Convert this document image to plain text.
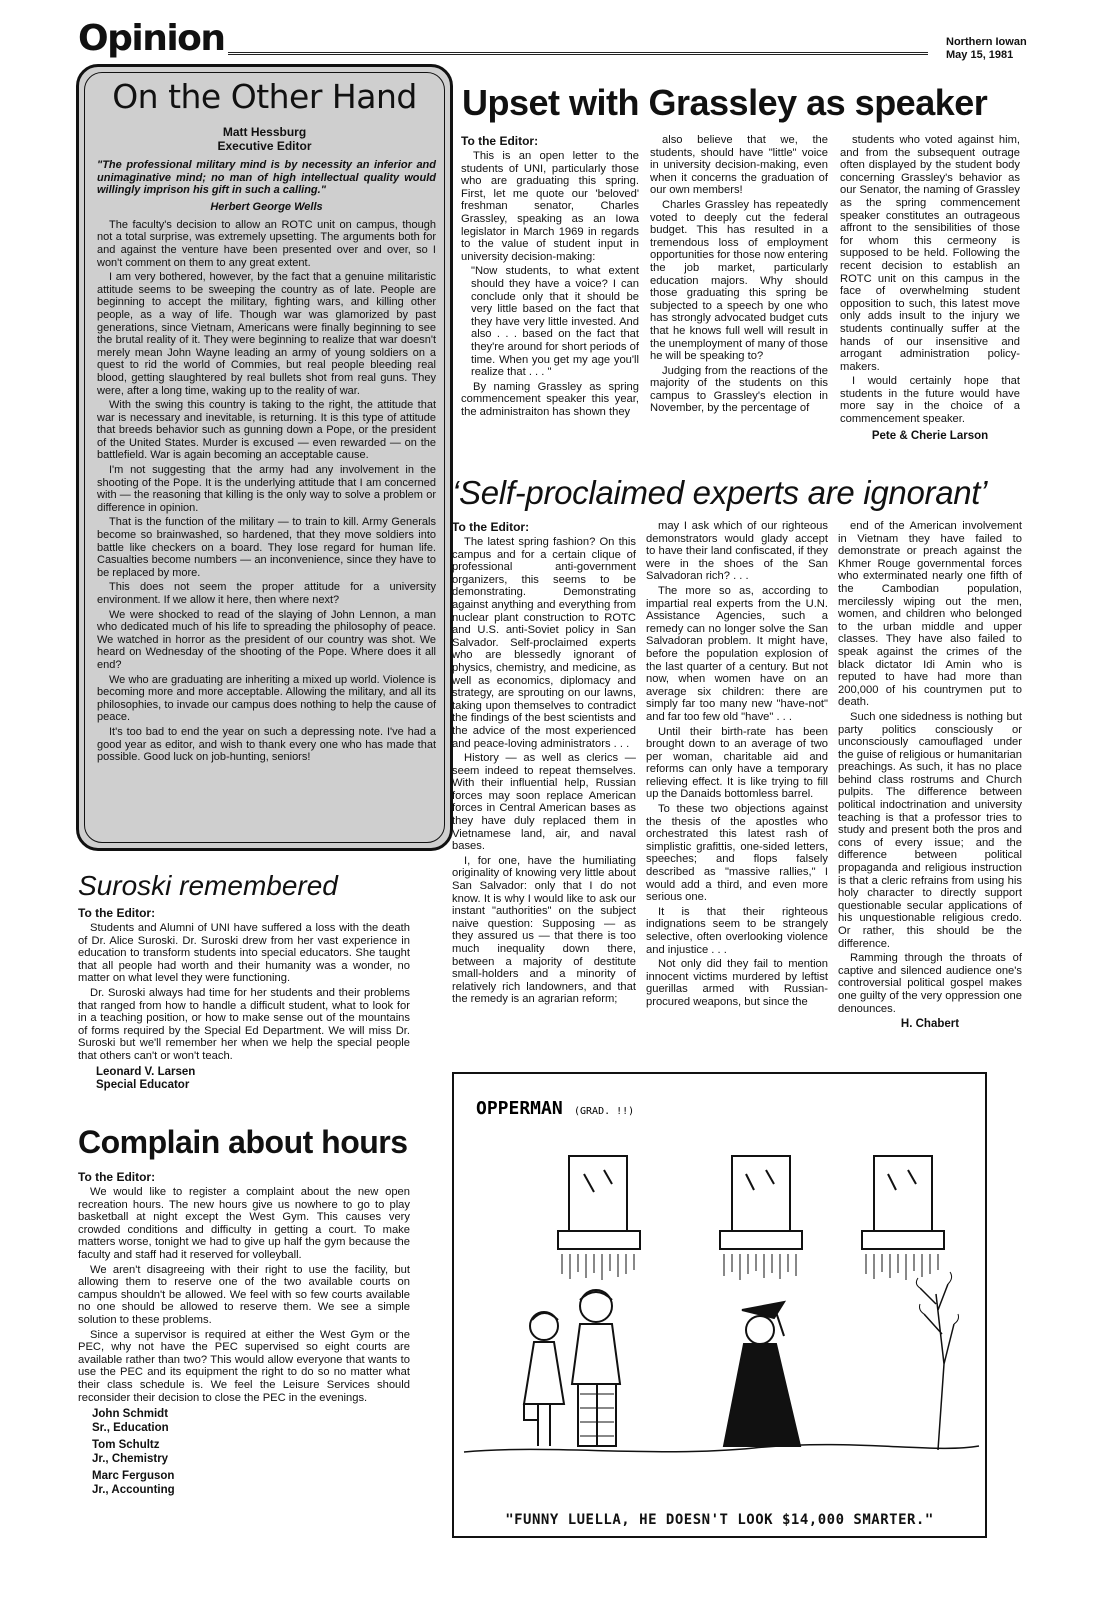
Opinion	Northern Iowan
May 15, 1981
On the Other Hand
Matt Hessburg
Executive Editor

"The professional military mind is by necessity an inferior and unimaginative mind; no man of high intellectual quality would willingly imprison his gift in such a calling."

Herbert George Wells

The faculty's decision to allow an ROTC unit on campus, though not a total surprise, was extremely upsetting. The arguments both for and against the venture have been presented over and over, so I won't comment on them to any great extent.

I am very bothered, however, by the fact that a genuine militaristic attitude seems to be sweeping the country as of late. People are beginning to accept the military, fighting wars, and killing other people, as a way of life. Though war was glamorized by past generations, since Vietnam, Americans were finally beginning to see the brutal reality of it. They were beginning to realize that war doesn't merely mean John Wayne leading an army of young soldiers on a quest to rid the world of Commies, but real people bleeding real blood, getting slaughtered by real bullets shot from real guns. They were, after a long time, waking up to the reality of war.

With the swing this country is taking to the right, the attitude that war is necessary and inevitable, is returning. It is this type of attitude that breeds behavior such as gunning down a Pope, or the president of the United States. Murder is excused — even rewarded — on the battlefield. War is again becoming an acceptable cause.

I'm not suggesting that the army had any involvement in the shooting of the Pope. It is the underlying attitude that I am concerned with — the reasoning that killing is the only way to solve a problem or difference in opinion.

That is the function of the military — to train to kill. Army Generals become so brainwashed, so hardened, that they move soldiers into battle like checkers on a board. They lose regard for human life. Casualties become numbers — an inconvenience, since they have to be replaced by more.

This does not seem the proper attitude for a university environment. If we allow it here, then where next?

We were shocked to read of the slaying of John Lennon, a man who dedicated much of his life to spreading the philosophy of peace. We watched in horror as the president of our country was shot. We heard on Wednesday of the shooting of the Pope. Where does it all end?

We who are graduating are inheriting a mixed up world. Violence is becoming more and more acceptable. Allowing the military, and all its philosophies, to invade our campus does nothing to help the cause of peace.

It's too bad to end the year on such a depressing note. I've had a good year as editor, and wish to thank every one who has made that possible. Good luck on job-hunting, seniors!

Upset with Grassley as speaker
To the Editor:

This is an open letter to the students of UNI, particularly those who are graduating this spring. First, let me quote our 'beloved' freshman senator, Charles Grassley, speaking as an Iowa legislator in March 1969 in regards to the value of student input in university decision-making:

"Now students, to what extent should they have a voice? I can conclude only that it should be very little based on the fact that they have very little invested. And also . . . based on the fact that they're around for short periods of time. When you get my age you'll realize that . . . "

By naming Grassley as spring commencement speaker this year, the administraiton has shown they

also believe that we, the students, should have "little" voice in university decision-making, even when it concerns the graduation of our own members!

Charles Grassley has repeatedly voted to deeply cut the federal budget. This has resulted in a tremendous loss of employment opportunities for those now entering the job market, particularly education majors. Why should those graduating this spring be subjected to a speech by one who has strongly advocated budget cuts that he knows full well will result in the unemployment of many of those he will be speaking to?

Judging from the reactions of the majority of the students on this campus to Grassley's election in November, by the percentage of

students who voted against him, and from the subsequent outrage often displayed by the student body concerning Grassley's behavior as our Senator, the naming of Grassley as the spring commencement speaker constitutes an outrageous affront to the sensibilities of those for whom this cermeony is supposed to be held. Following the recent decision to establish an ROTC unit on this campus in the face of overwhelming student opposition to such, this latest move only adds insult to the injury we students continually suffer at the hands of our insensitive and arrogant administration policy-makers.

I would certainly hope that students in the future would have more say in the choice of a commencement speaker.

Pete & Cherie Larson
‘Self-proclaimed experts are ignorant’
To the Editor:

The latest spring fashion? On this campus and for a certain clique of professional anti-government organizers, this seems to be demonstrating. Demonstrating against anything and everything from nuclear plant construction to ROTC and U.S. anti-Soviet policy in San Salvador. Self-proclaimed experts who are blessedly ignorant of physics, chemistry, and medicine, as well as economics, diplomacy and strategy, are sprouting on our lawns, taking upon themselves to contradict the findings of the best scientists and the advice of the most experienced and peace-loving administrators . . .

History — as well as clerics — seem indeed to repeat themselves. With their influential help, Russian forces may soon replace American forces in Central American bases as they have duly replaced them in Vietnamese land, air, and naval bases.

I, for one, have the humiliating originality of knowing very little about San Salvador: only that I do not know. It is why I would like to ask our instant "authorities" on the subject naive question: Supposing — as they assured us — that there is too much inequality down there, between a majority of destitute small-holders and a minority of relatively rich landowners, and that the remedy is an agrarian reform;

may I ask which of our righteous demonstrators would glady accept to have their land confiscated, if they were in the shoes of the San Salvadoran rich? . . .

The more so as, according to impartial real experts from the U.N. Assistance Agencies, such a remedy can no longer solve the San Salvadoran problem. It might have, before the population explosion of the last quarter of a century. But not now, when women have on an average six children: there are simply far too many new "have-not" and far too few old "have" . . .

Until their birth-rate has been brought down to an average of two per woman, charitable aid and reforms can only have a temporary relieving effect. It is like trying to fill up the Danaids bottomless barrel.

To these two objections against the thesis of the apostles who orchestrated this latest rash of simplistic grafittis, one-sided letters, speeches; and flops falsely described as "massive rallies," I would add a third, and even more serious one.

It is that their righteous indignations seem to be strangely selective, often overlooking violence and injustice . . .

Not only did they fail to mention innocent victims murdered by leftist guerillas armed with Russian-procured weapons, but since the

end of the American involvement in Vietnam they have failed to demonstrate or preach against the Khmer Rouge governmental forces who exterminated nearly one fifth of the Cambodian population, mercilessly wiping out the men, women, and children who belonged to the urban middle and upper classes. They have also failed to speak against the crimes of the black dictator Idi Amin who is reputed to have had more than 200,000 of his countrymen put to death.

Such one sidedness is nothing but party politics consciously or unconsciously camouflaged under the guise of religious or humanitarian preachings. As such, it has no place behind class rostrums and Church pulpits. The difference between political indoctrination and university teaching is that a professor tries to study and present both the pros and cons of every issue; and the difference between political propaganda and religious instruction is that a cleric refrains from using his holy character to directly support questionable secular applications of his unquestionable religious credo. Or rather, this should be the difference.

Ramming through the throats of captive and silenced audience one's controversial political gospel makes one guilty of the very oppression one denounces.

H. Chabert
Suroski remembered
To the Editor:

Students and Alumni of UNI have suffered a loss with the death of Dr. Alice Suroski. Dr. Suroski drew from her vast experience in education to transform students into special educators. She taught that all people had worth and their humanity was a wonder, no matter on what level they were functioning.

Dr. Suroski always had time for her students and their problems that ranged from how to handle a difficult student, what to look for in a teaching position, or how to make sense out of the mountains of forms required by the Special Ed Department. We will miss Dr. Suroski but we'll remember her when we help the special people that others can't or won't teach.

Leonard V. Larsen
Special Educator
Complain about hours
To the Editor:

We would like to register a complaint about the new open recreation hours. The new hours give us nowhere to go to play basketball at night except the West Gym. This causes very crowded conditions and difficulty in getting a court. To make matters worse, tonight we had to give up half the gym because the faculty and staff had it reserved for volleyball.

We aren't disagreeing with their right to use the facility, but allowing them to reserve one of the two available courts on campus shouldn't be allowed. We feel with so few courts available no one should be allowed to reserve them. We see a simple solution to these problems.

Since a supervisor is required at either the West Gym or the PEC, why not have the PEC supervised so eight courts are available rather than two? This would allow everyone that wants to use the PEC and its equipment the right to do so no matter what their class schedule is. We feel the Leisure Services should reconsider their decision to close the PEC in the evenings.

John Schmidt
Sr., Education
Tom Schultz
Jr., Chemistry
Marc Ferguson
Jr., Accounting
OPPERMAN (GRAD. !!)
"FUNNY LUELLA, HE DOESN'T LOOK $14,000 SMARTER."
